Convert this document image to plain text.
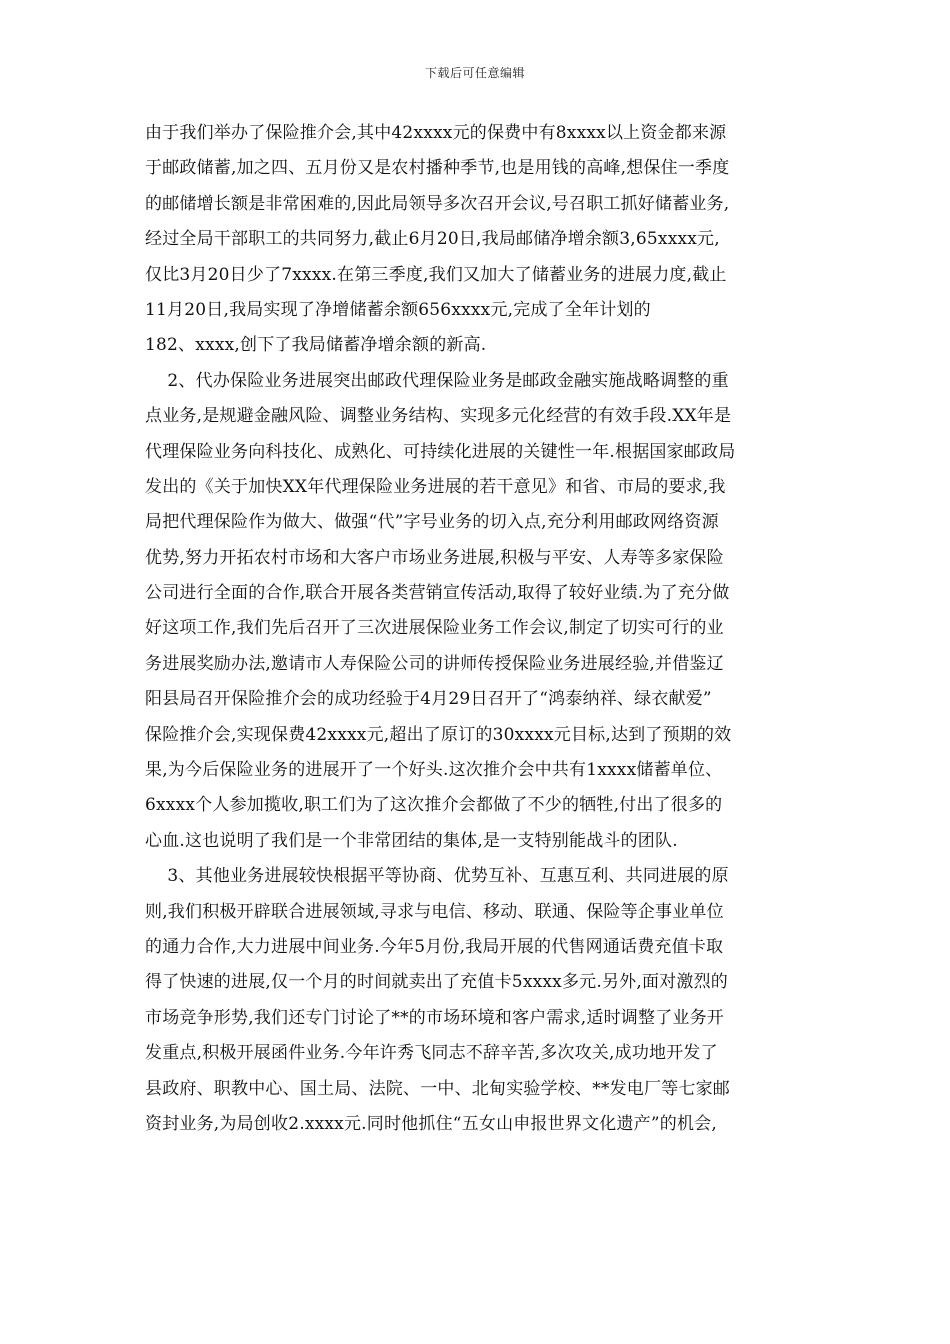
下载后可任意编辑
由于我们举办了保险推介会,其中42xxxx元的保费中有8xxxx以上资金都来源
于邮政储蓄,加之四、五月份又是农村播种季节,也是用钱的高峰,想保住一季度
的邮储增长额是非常困难的,因此局领导多次召开会议,号召职工抓好储蓄业务,
经过全局干部职工的共同努力,截止6月20日,我局邮储净增余额3,65xxxx元,
仅比3月20日少了7xxxx.在第三季度,我们又加大了储蓄业务的进展力度,截止
11月20日,我局实现了净增储蓄余额656xxxx元,完成了全年计划的
182、xxxx,创下了我局储蓄净增余额的新高.
2、代办保险业务进展突出邮政代理保险业务是邮政金融实施战略调整的重
点业务,是规避金融风险、调整业务结构、实现多元化经营的有效手段.XX年是
代理保险业务向科技化、成熟化、可持续化进展的关键性一年.根据国家邮政局
发出的《关于加快XX年代理保险业务进展的若干意见》和省、市局的要求,我
局把代理保险作为做大、做强“代”字号业务的切入点,充分利用邮政网络资源
优势,努力开拓农村市场和大客户市场业务进展,积极与平安、人寿等多家保险
公司进行全面的合作,联合开展各类营销宣传活动,取得了较好业绩.为了充分做
好这项工作,我们先后召开了三次进展保险业务工作会议,制定了切实可行的业
务进展奖励办法,邀请市人寿保险公司的讲师传授保险业务进展经验,并借鉴辽
阳县局召开保险推介会的成功经验于4月29日召开了“鸿泰纳祥、绿衣献爱”
保险推介会,实现保费42xxxx元,超出了原订的30xxxx元目标,达到了预期的效
果,为今后保险业务的进展开了一个好头.这次推介会中共有1xxxx储蓄单位、
6xxxx个人参加揽收,职工们为了这次推介会都做了不少的牺牲,付出了很多的
心血.这也说明了我们是一个非常团结的集体,是一支特别能战斗的团队.
3、其他业务进展较快根据平等协商、优势互补、互惠互利、共同进展的原
则,我们积极开辟联合进展领域,寻求与电信、移动、联通、保险等企事业单位
的通力合作,大力进展中间业务.今年5月份,我局开展的代售网通话费充值卡取
得了快速的进展,仅一个月的时间就卖出了充值卡5xxxx多元.另外,面对激烈的
市场竞争形势,我们还专门讨论了**的市场环境和客户需求,适时调整了业务开
发重点,积极开展函件业务.今年许秀飞同志不辞辛苦,多次攻关,成功地开发了
县政府、职教中心、国土局、法院、一中、北甸实验学校、**发电厂等七家邮
资封业务,为局创收2.xxxx元.同时他抓住“五女山申报世界文化遗产”的机会,
